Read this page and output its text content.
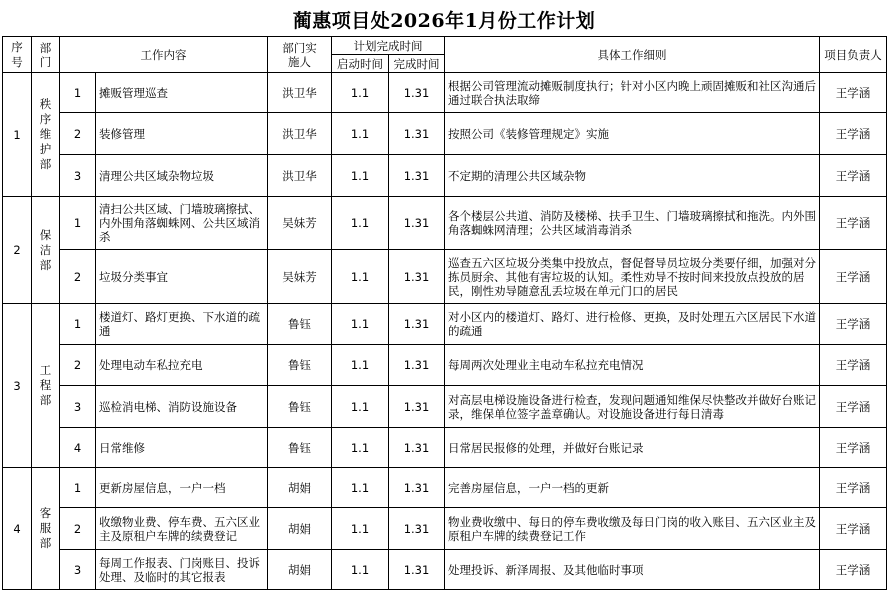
蔺惠项目处2026年1月份工作计划
序号	部门	工作内容		部门实施人	计划完成时间		具体工作细则	项目负责人
					启动时间	完成时间		
1	秩序维护部	1	摊贩管理巡查	洪卫华	1.1	1.31	根据公司管理流动摊贩制度执行；针对小区内晚上顽固摊贩和社区沟通后通过联合执法取缔	王学涵
		2	装修管理	洪卫华	1.1	1.31	按照公司《装修管理规定》实施	王学涵
		3	清理公共区域杂物垃圾	洪卫华	1.1	1.31	不定期的清理公共区域杂物	王学涵
2	保洁部	1	清扫公共区域、门墙玻璃擦拭、内外围角落蜘蛛网、公共区域消杀	吴妹芳	1.1	1.31	各个楼层公共道、消防及楼梯、扶手卫生、门墙玻璃擦拭和拖洗。内外围角落蜘蛛网清理；公共区域消毒消杀	王学涵
		2	垃圾分类事宜	吴妹芳	1.1	1.31	巡查五六区垃圾分类集中投放点，督促督导员垃圾分类要仔细，加强对分拣员厨余、其他有害垃圾的认知。柔性劝导不按时间来投放点投放的居民，刚性劝导随意乱丢垃圾在单元门口的居民	王学涵
3	工程部	1	楼道灯、路灯更换、下水道的疏通	鲁钰	1.1	1.31	对小区内的楼道灯、路灯、进行检修、更换，及时处理五六区居民下水道的疏通	王学涵
		2	处理电动车私拉充电	鲁钰	1.1	1.31	每周两次处理业主电动车私拉充电情况	王学涵
		3	巡检消电梯、消防设施设备	鲁钰	1.1	1.31	对高层电梯设施设备进行检查，发现问题通知维保尽快整改并做好台账记录，维保单位签字盖章确认。对设施设备进行每日清毒	王学涵
		4	日常维修	鲁钰	1.1	1.31	日常居民报修的处理，并做好台账记录	王学涵
4	客服部	1	更新房屋信息，一户一档	胡娟	1.1	1.31	完善房屋信息，一户一档的更新	王学涵
		2	收缴物业费、停车费、五六区业主及原租户车牌的续费登记	胡娟	1.1	1.31	物业费收缴中、每日的停车费收缴及每日门岗的收入账目、五六区业主及原租户车牌的续费登记工作	王学涵
		3	每周工作报表、门岗账目、投诉处理、及临时的其它报表	胡娟	1.1	1.31	处理投诉、新泽周报、及其他临时事项	王学涵
